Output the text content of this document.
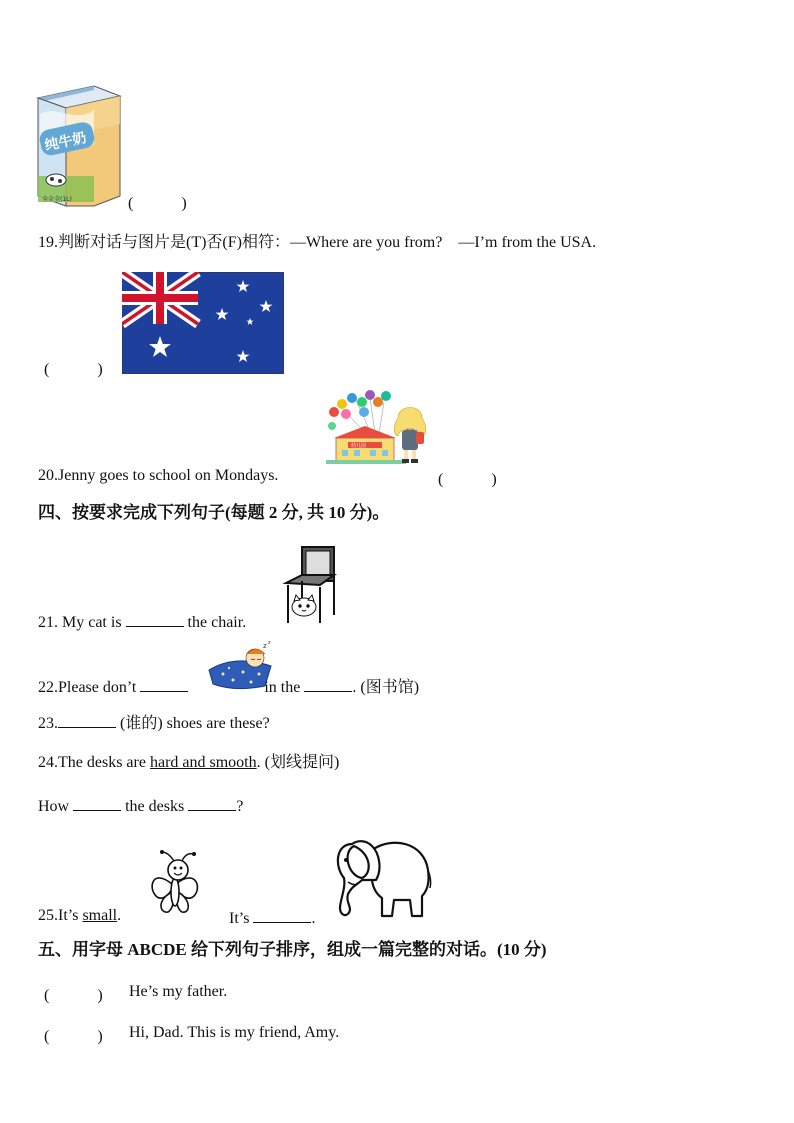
纯牛奶
全全全(1L)	(　　　)
19.判断对话与图片是(T)否(F)相符：—Where are you from?　—I’m from the USA.
(　　　)
幼儿园
20.Jenny goes to school on Mondays.	(　　　)
四、按要求完成下列句子(每题 2 分, 共 10 分)。
21. My cat is	the chair.
z z
22.Please don’t	in the	. (图书馆)
23.	(谁的) shoes are these?
24.The desks are hard and smooth. (划线提问)
How	the desks	?
25.It’s small.	It’s	.
五、用字母 ABCDE 给下列句子排序，组成一篇完整的对话。(10 分)
(　　　) He’s my father.
(　　　) Hi, Dad. This is my friend, Amy.
